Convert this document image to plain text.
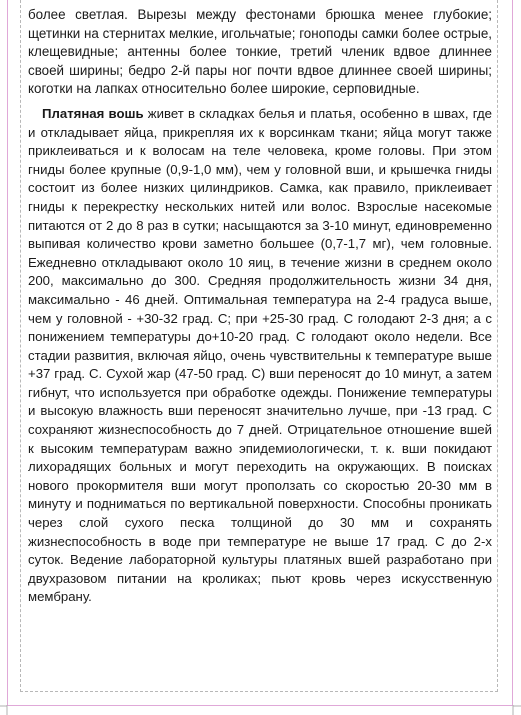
более светлая. Вырезы между фестонами брюшка менее глубокие; щетинки на стернитах мелкие, игольчатые; гоноподы самки более острые, клещевидные; антенны более тонкие, третий членик вдвое длиннее своей ширины; бедро 2-й пары ног почти вдвое длиннее своей ширины; коготки на лапках относительно более широкие, серповидные.

Платяная вошь живет в складках белья и платья, особенно в швах, где и откладывает яйца, прикрепляя их к ворсинкам ткани; яйца могут также приклеиваться и к волосам на теле человека, кроме головы. При этом гниды более крупные (0,9-1,0 мм), чем у головной вши, и крышечка гниды состоит из более низких цилиндриков. Самка, как правило, приклеивает гниды к перекрестку нескольких нитей или волос. Взрослые насекомые питаются от 2 до 8 раз в сутки; насыщаются за 3-10 минут, единовременно выпивая количество крови заметно большее (0,7-1,7 мг), чем головные. Ежедневно откладывают около 10 яиц, в течение жизни в среднем около 200, максимально до 300. Средняя продолжительность жизни 34 дня, максимально - 46 дней. Оптимальная температура на 2-4 градуса выше, чем у головной - +30-32 град. С; при +25-30 град. С голодают 2-3 дня; а с понижением температуры до+10-20 град. С голодают около недели. Все стадии развития, включая яйцо, очень чувствительны к температуре выше +37 град. С. Сухой жар (47-50 град. С) вши переносят до 10 минут, а затем гибнут, что используется при обработке одежды. Понижение температуры и высокую влажность вши переносят значительно лучше, при -13 град. С сохраняют жизнеспособность до 7 дней. Отрицательное отношение вшей к высоким температурам важно эпидемиологически, т. к. вши покидают лихорадящих больных и могут переходить на окружающих. В поисках нового прокормителя вши могут проползать со скоростью 20-30 мм в минуту и подниматься по вертикальной поверхности. Способны проникать через слой сухого песка толщиной до 30 мм и сохранять жизнеспособность в воде при температуре не выше 17 град. С до 2-х суток. Ведение лабораторной культуры платяных вшей разработано при двухразовом питании на кроликах; пьют кровь через искусственную мембрану.
